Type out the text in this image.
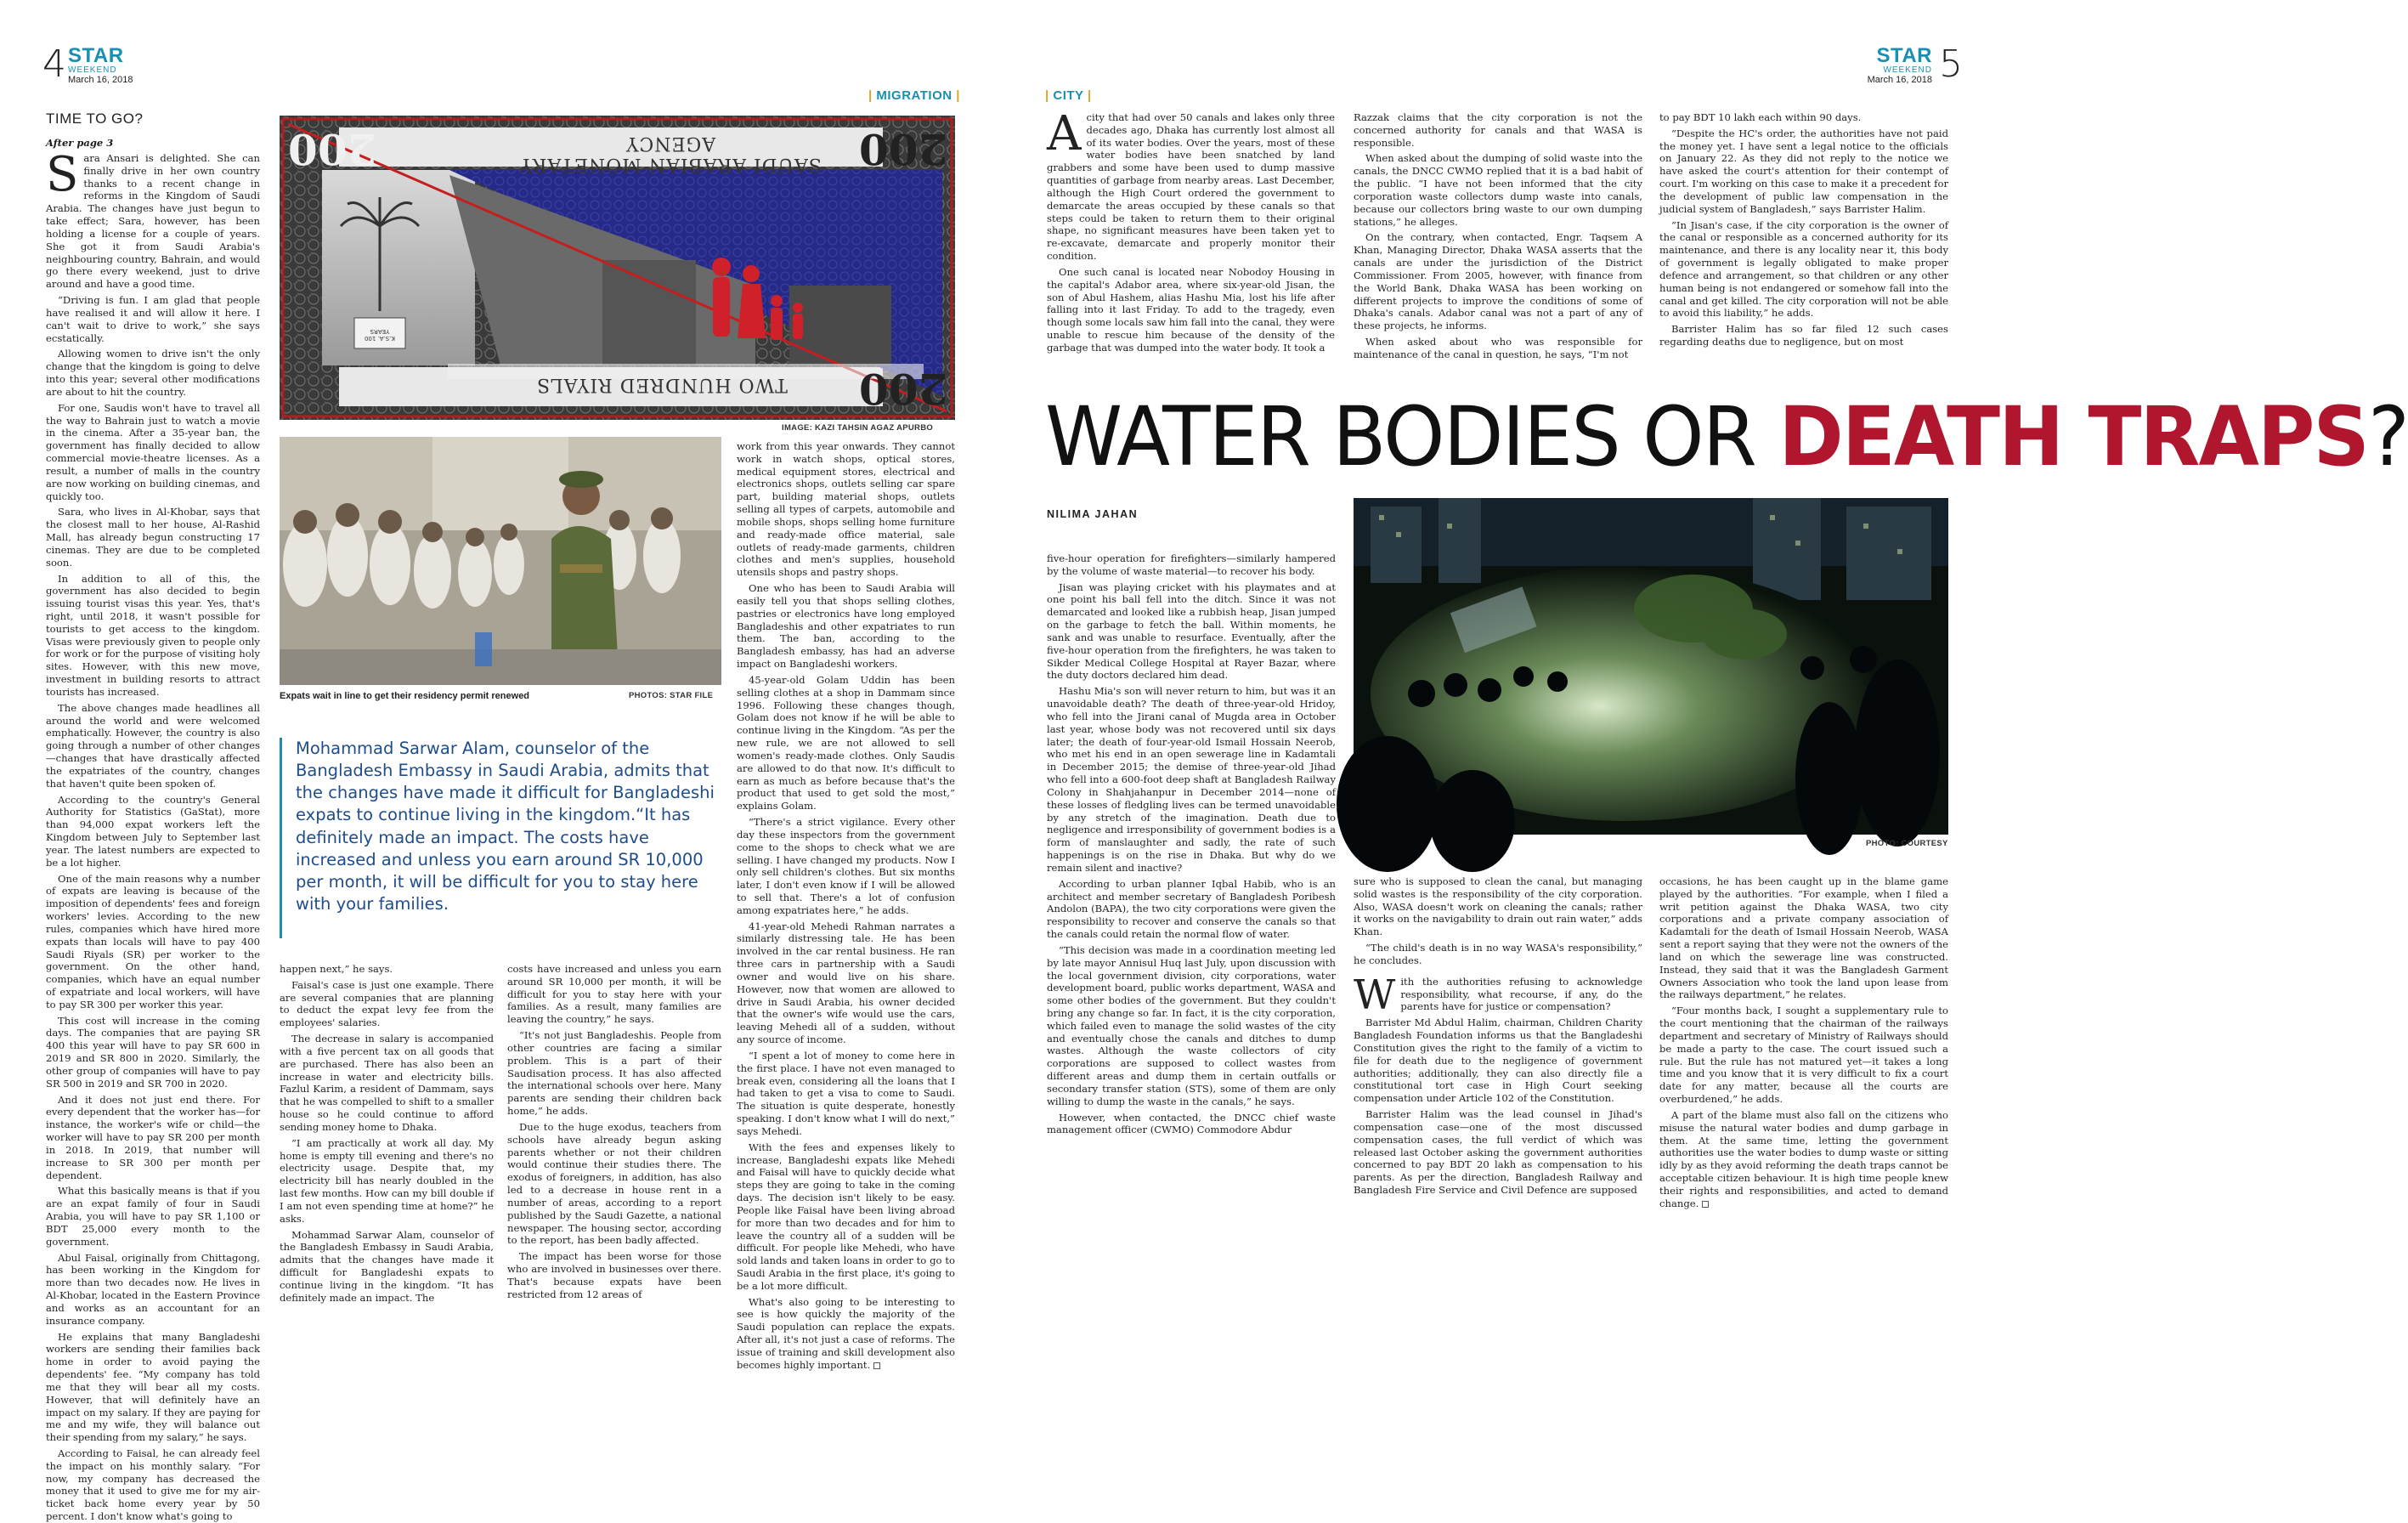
4 STAR
WEEKEND
March 16, 2018
| MIGRATION |
TIME TO GO?
After page 3

Sara Ansari is delighted. She can finally drive in her own country thanks to a recent change in reforms in the Kingdom of Saudi Arabia. The changes have just begun to take effect; Sara, however, has been holding a license for a couple of years. She got it from Saudi Arabia's neighbouring country, Bahrain, and would go there every weekend, just to drive around and have a good time.

“Driving is fun. I am glad that people have realised it and will allow it here. I can't wait to drive to work,” she says ecstatically.

Allowing women to drive isn't the only change that the kingdom is going to delve into this year; several other modifications are about to hit the country.

For one, Saudis won't have to travel all the way to Bahrain just to watch a movie in the cinema. After a 35-year ban, the government has finally decided to allow commercial movie-theatre licenses. As a result, a number of malls in the country are now working on building cinemas, and quickly too.

Sara, who lives in Al-Khobar, says that the closest mall to her house, Al-Rashid Mall, has already begun constructing 17 cinemas. They are due to be completed soon.

In addition to all of this, the government has also decided to begin issuing tourist visas this year. Yes, that's right, until 2018, it wasn't possible for tourists to get access to the kingdom. Visas were previously given to people only for work or for the purpose of visiting holy sites. However, with this new move, investment in building resorts to attract tourists has increased.

The above changes made headlines all around the world and were welcomed emphatically. However, the country is also going through a number of other changes—changes that have drastically affected the expatriates of the country, changes that haven't quite been spoken of.

According to the country's General Authority for Statistics (GaStat), more than 94,000 expat workers left the Kingdom between July to September last year. The latest numbers are expected to be a lot higher.

One of the main reasons why a number of expats are leaving is because of the imposition of dependents' fees and foreign workers' levies. According to the new rules, companies which have hired more expats than locals will have to pay 400 Saudi Riyals (SR) per worker to the government. On the other hand, companies, which have an equal number of expatriate and local workers, will have to pay SR 300 per worker this year.

This cost will increase in the coming days. The companies that are paying SR 400 this year will have to pay SR 600 in 2019 and SR 800 in 2020. Similarly, the other group of companies will have to pay SR 500 in 2019 and SR 700 in 2020.

And it does not just end there. For every dependent that the worker has—for instance, the worker's wife or child—the worker will have to pay SR 200 per month in 2018. In 2019, that number will increase to SR 300 per month per dependent.

What this basically means is that if you are an expat family of four in Saudi Arabia, you will have to pay SR 1,100 or BDT 25,000 every month to the government.

Abul Faisal, originally from Chittagong, has been working in the Kingdom for more than two decades now. He lives in Al-Khobar, located in the Eastern Province and works as an accountant for an insurance company.

He explains that many Bangladeshi workers are sending their families back home in order to avoid paying the dependents' fee. “My company has told me that they will bear all my costs. However, that will definitely have an impact on my salary. If they are paying for me and my wife, they will balance out their spending from my salary,” he says.

According to Faisal, he can already feel the impact on his monthly salary. “For now, my company has decreased the money that it used to give me for my air-ticket back home every year by 50 percent. I don't know what's going to

200	200
200
SAUDI ARABIAN MONETARY AGENCY
TWO HUNDRED RIYALS
K.S.A. 100 YEARS
IMAGE: KAZI TAHSIN AGAZ APURBO
Expats wait in line to get their residency permit renewed	PHOTOS: STAR FILE
Mohammad Sarwar Alam, counselor of the Bangladesh Embassy in Saudi Arabia, admits that the changes have made it difficult for Bangladeshi expats to continue living in the kingdom.“It has definitely made an impact. The costs have increased and unless you earn around SR 10,000 per month, it will be difficult for you to stay here with your families.

happen next,” he says.

Faisal's case is just one example. There are several companies that are planning to deduct the expat levy fee from the employees' salaries.

The decrease in salary is accompanied with a five percent tax on all goods that are purchased. There has also been an increase in water and electricity bills. Fazlul Karim, a resident of Dammam, says that he was compelled to shift to a smaller house so he could continue to afford sending money home to Dhaka.

“I am practically at work all day. My home is empty till evening and there's no electricity usage. Despite that, my electricity bill has nearly doubled in the last few months. How can my bill double if I am not even spending time at home?” he asks.

Mohammad Sarwar Alam, counselor of the Bangladesh Embassy in Saudi Arabia, admits that the changes have made it difficult for Bangladeshi expats to continue living in the kingdom. “It has definitely made an impact. The

costs have increased and unless you earn around SR 10,000 per month, it will be difficult for you to stay here with your families. As a result, many families are leaving the country,” he says.

“It's not just Bangladeshis. People from other countries are facing a similar problem. This is a part of their Saudisation process. It has also affected the international schools over here. Many parents are sending their children back home,” he adds.

Due to the huge exodus, teachers from schools have already begun asking parents whether or not their children would continue their studies there. The exodus of foreigners, in addition, has also led to a decrease in house rent in a number of areas, according to a report published by the Saudi Gazette, a national newspaper. The housing sector, according to the report, has been badly affected.

The impact has been worse for those who are involved in businesses over there. That's because expats have been restricted from 12 areas of

work from this year onwards. They cannot work in watch shops, optical stores, medical equipment stores, electrical and electronics shops, outlets selling car spare part, building material shops, outlets selling all types of carpets, automobile and mobile shops, shops selling home furniture and ready-made office material, sale outlets of ready-made garments, children clothes and men's supplies, household utensils shops and pastry shops.

One who has been to Saudi Arabia will easily tell you that shops selling clothes, pastries or electronics have long employed Bangladeshis and other expatriates to run them. The ban, according to the Bangladesh embassy, has had an adverse impact on Bangladeshi workers.

45-year-old Golam Uddin has been selling clothes at a shop in Dammam since 1996. Following these changes though, Golam does not know if he will be able to continue living in the Kingdom. “As per the new rule, we are not allowed to sell women's ready-made clothes. Only Saudis are allowed to do that now. It's difficult to earn as much as before because that's the product that used to get sold the most,” explains Golam.

“There's a strict vigilance. Every other day these inspectors from the government come to the shops to check what we are selling. I have changed my products. Now I only sell children's clothes. But six months later, I don't even know if I will be allowed to sell that. There's a lot of confusion among expatriates here,” he adds.

41-year-old Mehedi Rahman narrates a similarly distressing tale. He has been involved in the car rental business. He ran three cars in partnership with a Saudi owner and would live on his share. However, now that women are allowed to drive in Saudi Arabia, his owner decided that the owner's wife would use the cars, leaving Mehedi all of a sudden, without any source of income.

“I spent a lot of money to come here in the first place. I have not even managed to break even, considering all the loans that I had taken to get a visa to come to Saudi. The situation is quite desperate, honestly speaking. I don't know what I will do next,” says Mehedi.

With the fees and expenses likely to increase, Bangladeshi expats like Mehedi and Faisal will have to quickly decide what steps they are going to take in the coming days. The decision isn't likely to be easy. People like Faisal have been living abroad for more than two decades and for him to leave the country all of a sudden will be difficult. For people like Mehedi, who have sold lands and taken loans in order to go to Saudi Arabia in the first place, it's going to be a lot more difficult.

What's also going to be interesting to see is how quickly the majority of the Saudi population can replace the expats. After all, it's not just a case of reforms. The issue of training and skill development also becomes highly important.

| CITY |
STAR
WEEKEND
March 16, 2018 5

Acity that had over 50 canals and lakes only three decades ago, Dhaka has currently lost almost all of its water bodies. Over the years, most of these water bodies have been snatched by land grabbers and some have been used to dump massive quantities of garbage from nearby areas. Last December, although the High Court ordered the government to demarcate the areas occupied by these canals so that steps could be taken to return them to their original shape, no significant measures have been taken yet to re-excavate, demarcate and properly monitor their condition.

One such canal is located near Nobodoy Housing in the capital's Adabor area, where six-year-old Jisan, the son of Abul Hashem, alias Hashu Mia, lost his life after falling into it last Friday. To add to the tragedy, even though some locals saw him fall into the canal, they were unable to rescue him because of the density of the garbage that was dumped into the water body. It took a

Razzak claims that the city corporation is not the concerned authority for canals and that WASA is responsible.

When asked about the dumping of solid waste into the canals, the DNCC CWMO replied that it is a bad habit of the public. “I have not been informed that the city corporation waste collectors dump waste into canals, because our collectors bring waste to our own dumping stations,” he alleges.

On the contrary, when contacted, Engr. Taqsem A Khan, Managing Director, Dhaka WASA asserts that the canals are under the jurisdiction of the District Commissioner. From 2005, however, with finance from the World Bank, Dhaka WASA has been working on different projects to improve the conditions of some of Dhaka's canals. Adabor canal was not a part of any of these projects, he informs.

When asked about who was responsible for maintenance of the canal in question, he says, “I'm not

to pay BDT 10 lakh each within 90 days.

“Despite the HC's order, the authorities have not paid the money yet. I have sent a legal notice to the officials on January 22. As they did not reply to the notice we have asked the court's attention for their contempt of court. I'm working on this case to make it a precedent for the development of public law compensation in the judicial system of Bangladesh,” says Barrister Halim.

“In Jisan's case, if the city corporation is the owner of the canal or responsible as a concerned authority for its maintenance, and there is any locality near it, this body of government is legally obligated to make proper defence and arrangement, so that children or any other human being is not endangered or somehow fall into the canal and get killed. The city corporation will not be able to avoid this liability,” he adds.

Barrister Halim has so far filed 12 such cases regarding deaths due to negligence, but on most

WATER BODIES OR DEATH TRAPS?
NILIMA JAHAN

five-hour operation for firefighters—similarly hampered by the volume of waste material—to recover his body.

Jisan was playing cricket with his playmates and at one point his ball fell into the ditch. Since it was not demarcated and looked like a rubbish heap, Jisan jumped on the garbage to fetch the ball. Within moments, he sank and was unable to resurface. Eventually, after the five-hour operation from the firefighters, he was taken to Sikder Medical College Hospital at Rayer Bazar, where the duty doctors declared him dead.

Hashu Mia's son will never return to him, but was it an unavoidable death? The death of three-year-old Hridoy, who fell into the Jirani canal of Mugda area in October last year, whose body was not recovered until six days later; the death of four-year-old Ismail Hossain Neerob, who met his end in an open sewerage line in Kadamtali in December 2015; the demise of three-year-old Jihad who fell into a 600-foot deep shaft at Bangladesh Railway Colony in Shahjahanpur in December 2014—none of these losses of fledgling lives can be termed unavoidable by any stretch of the imagination. Death due to negligence and irresponsibility of government bodies is a form of manslaughter and sadly, the rate of such happenings is on the rise in Dhaka. But why do we remain silent and inactive?

According to urban planner Iqbal Habib, who is an architect and member secretary of Bangladesh Poribesh Andolon (BAPA), the two city corporations were given the responsibility to recover and conserve the canals so that the canals could retain the normal flow of water.

“This decision was made in a coordination meeting led by late mayor Annisul Huq last July, upon discussion with the local government division, city corporations, water development board, public works department, WASA and some other bodies of the government. But they couldn't bring any change so far. In fact, it is the city corporation, which failed even to manage the solid wastes of the city and eventually chose the canals and ditches to dump wastes. Although the waste collectors of city corporations are supposed to collect wastes from different areas and dump them in certain outfalls or secondary transfer station (STS), some of them are only willing to dump the waste in the canals,” he says.

However, when contacted, the DNCC chief waste management officer (CWMO) Commodore Abdur

PHOTO: COURTESY

sure who is supposed to clean the canal, but managing solid wastes is the responsibility of the city corporation. Also, WASA doesn't work on cleaning the canals; rather it works on the navigability to drain out rain water,” adds Khan.

“The child's death is in no way WASA's responsibility,” he concludes.

With the authorities refusing to acknowledge responsibility, what recourse, if any, do the parents have for justice or compensation?

Barrister Md Abdul Halim, chairman, Children Charity Bangladesh Foundation informs us that the Bangladeshi Constitution gives the right to the family of a victim to file for death due to the negligence of government authorities; additionally, they can also directly file a constitutional tort case in High Court seeking compensation under Article 102 of the Constitution.

Barrister Halim was the lead counsel in Jihad's compensation case—one of the most discussed compensation cases, the full verdict of which was released last October asking the government authorities concerned to pay BDT 20 lakh as compensation to his parents. As per the direction, Bangladesh Railway and Bangladesh Fire Service and Civil Defence are supposed

occasions, he has been caught up in the blame game played by the authorities. “For example, when I filed a writ petition against the Dhaka WASA, two city corporations and a private company association of Kadamtali for the death of Ismail Hossain Neerob, WASA sent a report saying that they were not the owners of the land on which the sewerage line was constructed. Instead, they said that it was the Bangladesh Garment Owners Association who took the land upon lease from the railways department,” he relates.

“Four months back, I sought a supplementary rule to the court mentioning that the chairman of the railways department and secretary of Ministry of Railways should be made a party to the case. The court issued such a rule. But the rule has not matured yet—it takes a long time and you know that it is very difficult to fix a court date for any matter, because all the courts are overburdened,” he adds.

A part of the blame must also fall on the citizens who misuse the natural water bodies and dump garbage in them. At the same time, letting the government authorities use the water bodies to dump waste or sitting idly by as they avoid reforming the death traps cannot be acceptable citizen behaviour. It is high time people knew their rights and responsibilities, and acted to demand change.
